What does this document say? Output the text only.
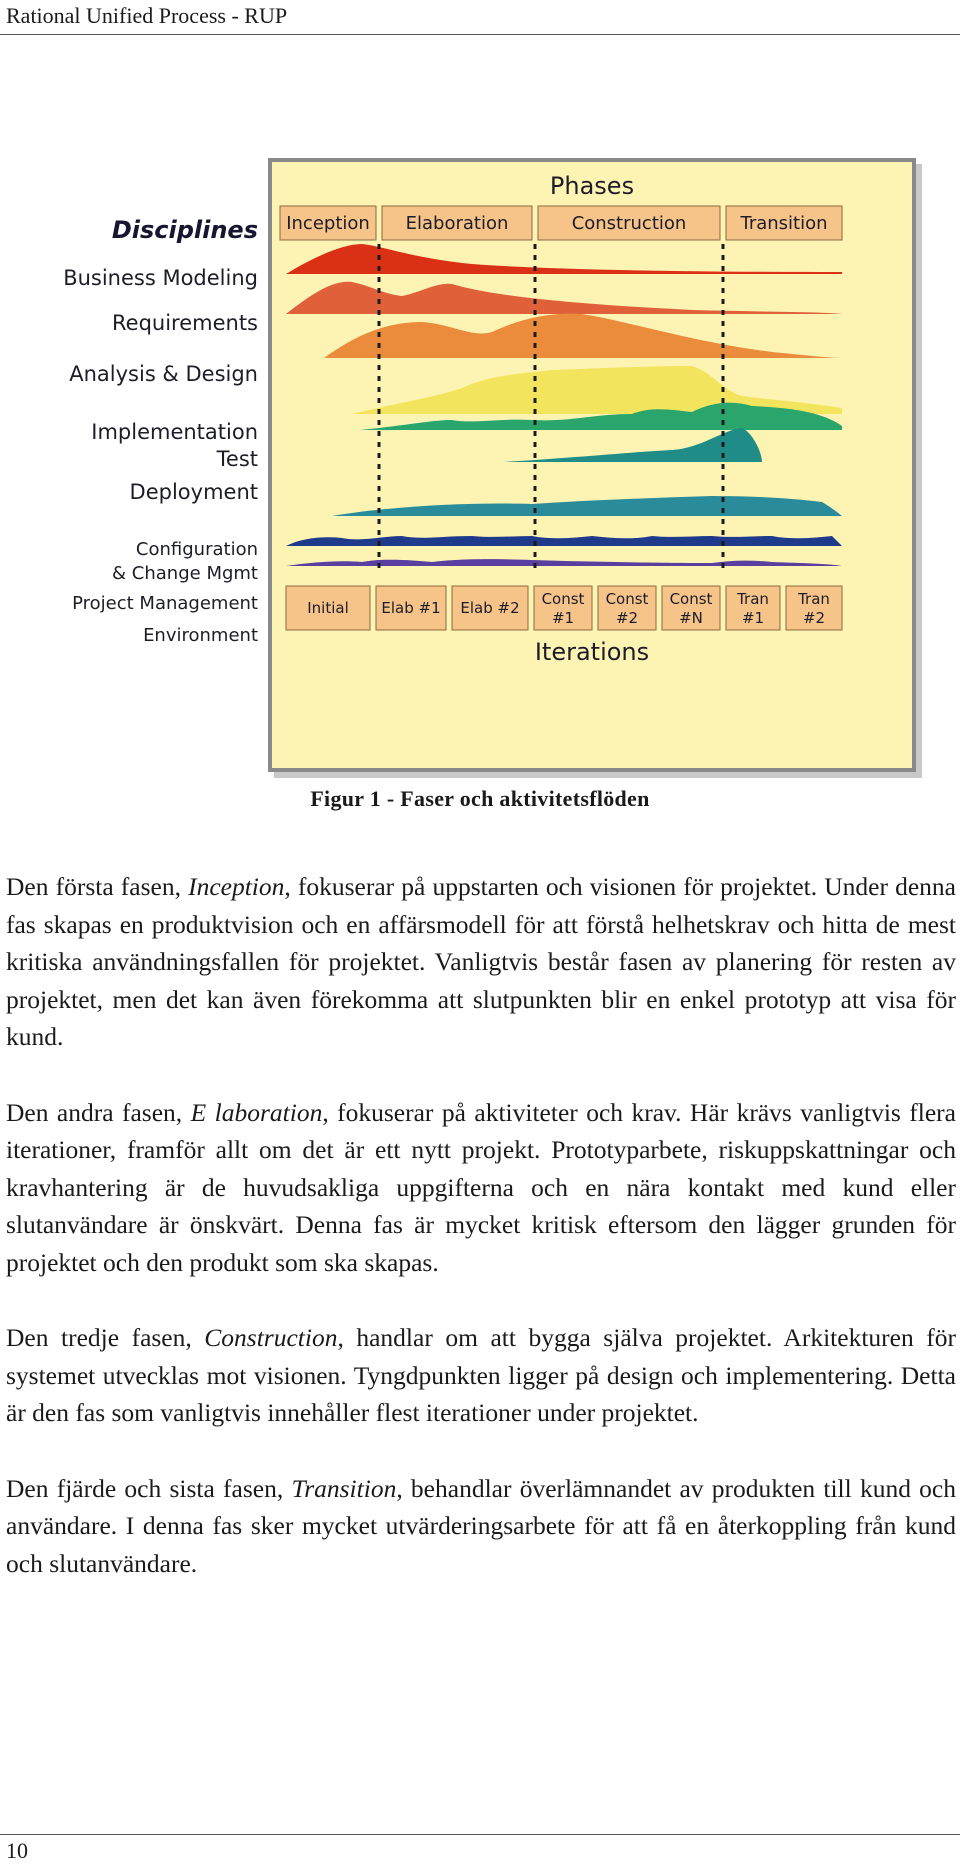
Rational Unified Process - RUP
Disciplines
Business Modeling
Requirements
Analysis & Design
Implementation
Test
Deployment
Configuration
& Change Mgmt
Project Management
Environment
Phases
Inception Elaboration	Construction	Transition
Initial Elab #1 Elab #2 Const
#1
Const
#2
Const
#N
Tran
#1
Tran
#2
Iterations
Figur 1 - Faser och aktivitetsflöden

Den första fasen, Inception, fokuserar på uppstarten och visionen för projektet. Under denna fas skapas en produktvision och en affärsmodell för att förstå helhetskrav och hitta de mest kritiska användningsfallen för projektet. Vanligtvis består fasen av planering för resten av projektet, men det kan även förekomma att slutpunkten blir en enkel prototyp att visa för kund.

Den andra fasen, E laboration, fokuserar på aktiviteter och krav. Här krävs vanligtvis flera iterationer, framför allt om det är ett nytt projekt. Prototyparbete, riskuppskattningar och kravhantering är de huvudsakliga uppgifterna och en nära kontakt med kund eller slutanvändare är önskvärt. Denna fas är mycket kritisk eftersom den lägger grunden för projektet och den produkt som ska skapas.

Den tredje fasen, Construction, handlar om att bygga själva projektet. Arkitekturen för systemet utvecklas mot visionen. Tyngdpunkten ligger på design och implementering. Detta är den fas som vanligtvis innehåller flest iterationer under projektet.

Den fjärde och sista fasen, Transition, behandlar överlämnandet av produkten till kund och användare. I denna fas sker mycket utvärderingsarbete för att få en återkoppling från kund och slutanvändare.

10
